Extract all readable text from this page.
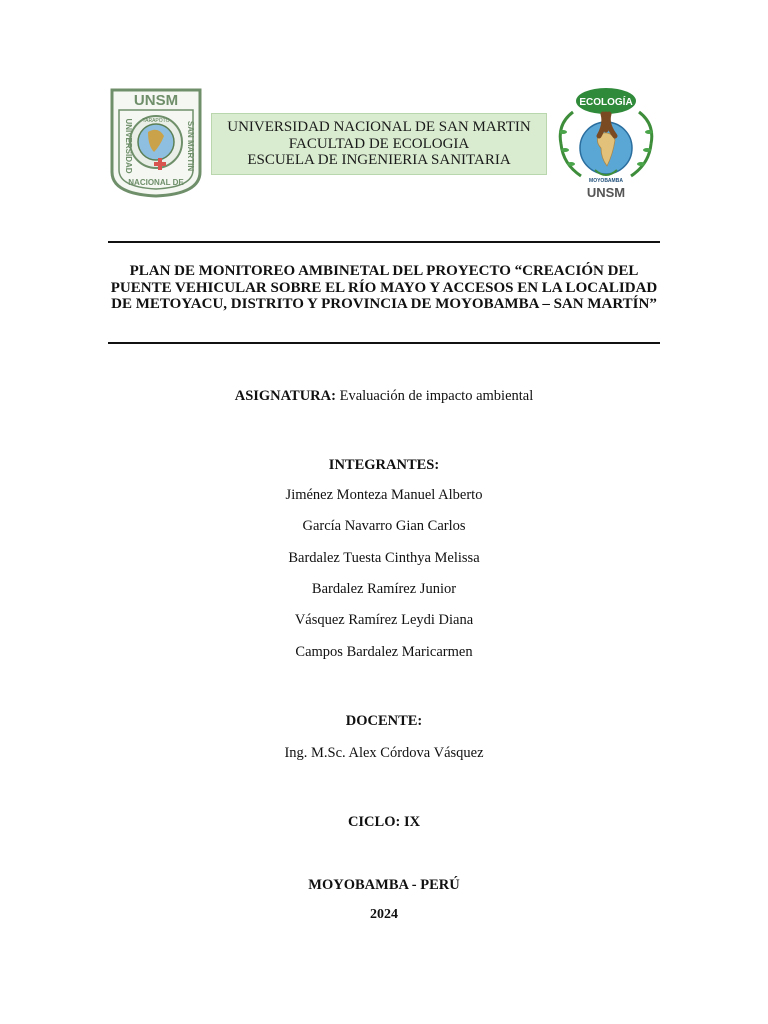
UNSM
UNIVERSIDAD	SAN MARTIN
NACIONAL DE
TARAPOTO	UNIVERSIDAD NACIONAL DE SAN MARTIN
FACULTAD DE ECOLOGIA
ESCUELA DE INGENIERIA SANITARIA
ECOLOGÍA
MOYOBAMBA
UNSM
PLAN DE MONITOREO AMBINETAL DEL PROYECTO “CREACIÓN DEL PUENTE VEHICULAR SOBRE EL RÍO MAYO Y ACCESOS EN LA LOCALIDAD DE METOYACU, DISTRITO Y PROVINCIA DE MOYOBAMBA – SAN MARTÍN”
ASIGNATURA: Evaluación de impacto ambiental
INTEGRANTES:
Jiménez Monteza Manuel Alberto
García Navarro Gian Carlos
Bardalez Tuesta Cinthya Melissa
Bardalez Ramírez Junior
Vásquez Ramírez Leydi Diana
Campos Bardalez Maricarmen
DOCENTE:
Ing. M.Sc. Alex Córdova Vásquez
CICLO: IX
MOYOBAMBA - PERÚ
2024
